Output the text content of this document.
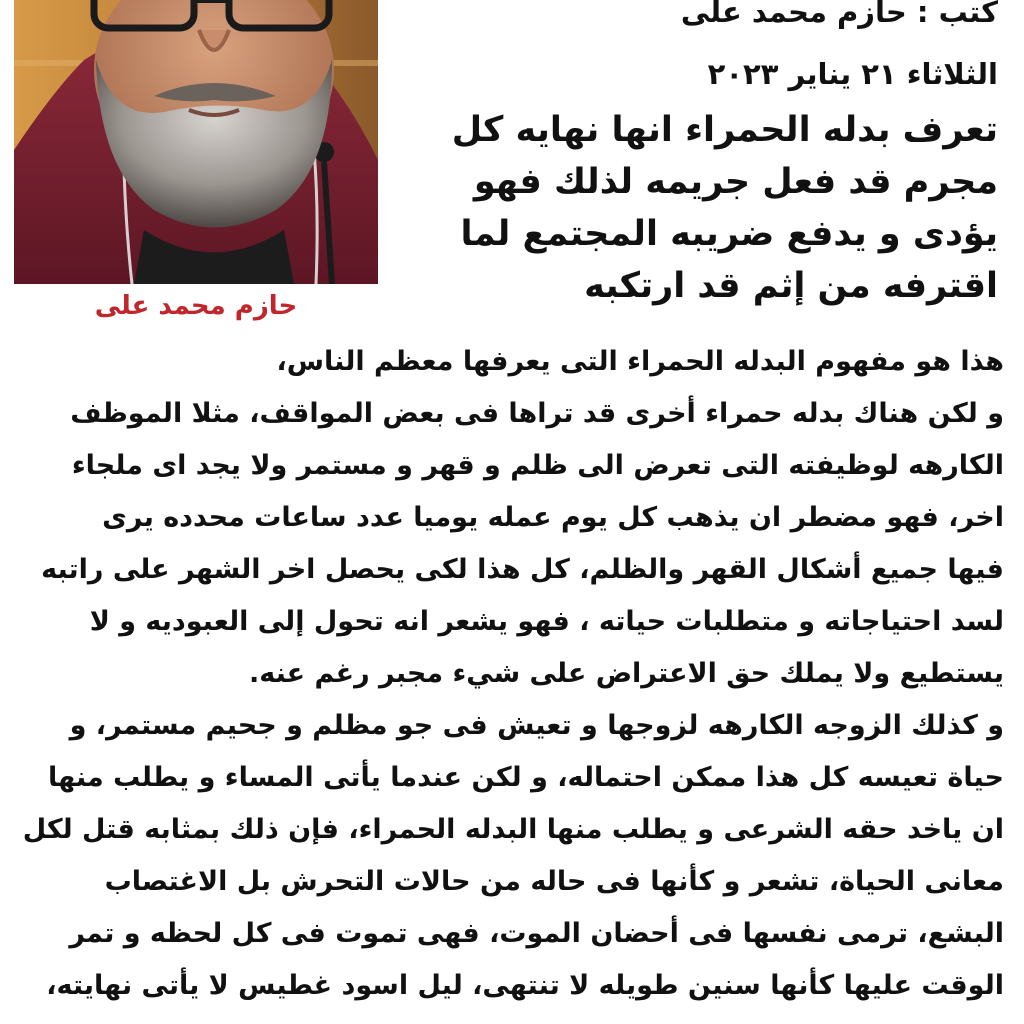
حازم محمد على
كتب : حازم محمد على
الثلاثاء ٢١ يناير ٢٠٢٣
تعرف بدله الحمراء انها نهايه كل
مجرم قد فعل جريمه لذلك فهو
يؤدى و يدفع ضريبه المجتمع لما
اقترفه من إثم قد ارتكبه
هذا هو مفهوم البدله الحمراء التى يعرفها معظم الناس،
و لكن هناك بدله حمراء أخرى قد تراها فى بعض المواقف، مثلا الموظف
الكارهه لوظيفته التى تعرض الى ظلم و قهر و مستمر ولا يجد اى ملجاء
اخر، فهو مضطر ان يذهب كل يوم عمله يوميا عدد ساعات محدده يرى
فيها جميع أشكال القهر والظلم، كل هذا لكى يحصل اخر الشهر على راتبه
لسد احتياجاته و متطلبات حياته ، فهو يشعر انه تحول إلى العبوديه و لا
يستطيع ولا يملك حق الاعتراض على شيء مجبر رغم عنه.
و كذلك الزوجه الكارهه لزوجها و تعيش فى جو مظلم و جحيم مستمر، و
حياة تعيسه كل هذا ممكن احتماله، و لكن عندما يأتى المساء و يطلب منها
ان ياخد حقه الشرعى و يطلب منها البدله الحمراء، فإن ذلك بمثابه قتل لكل
معانى الحياة، تشعر و كأنها فى حاله من حالات التحرش بل الاغتصاب
البشع، ترمى نفسها فى أحضان الموت، فهى تموت فى كل لحظه و تمر
الوقت عليها كأنها سنين طويله لا تنتهى، ليل اسود غطيس لا يأتى نهايته،
